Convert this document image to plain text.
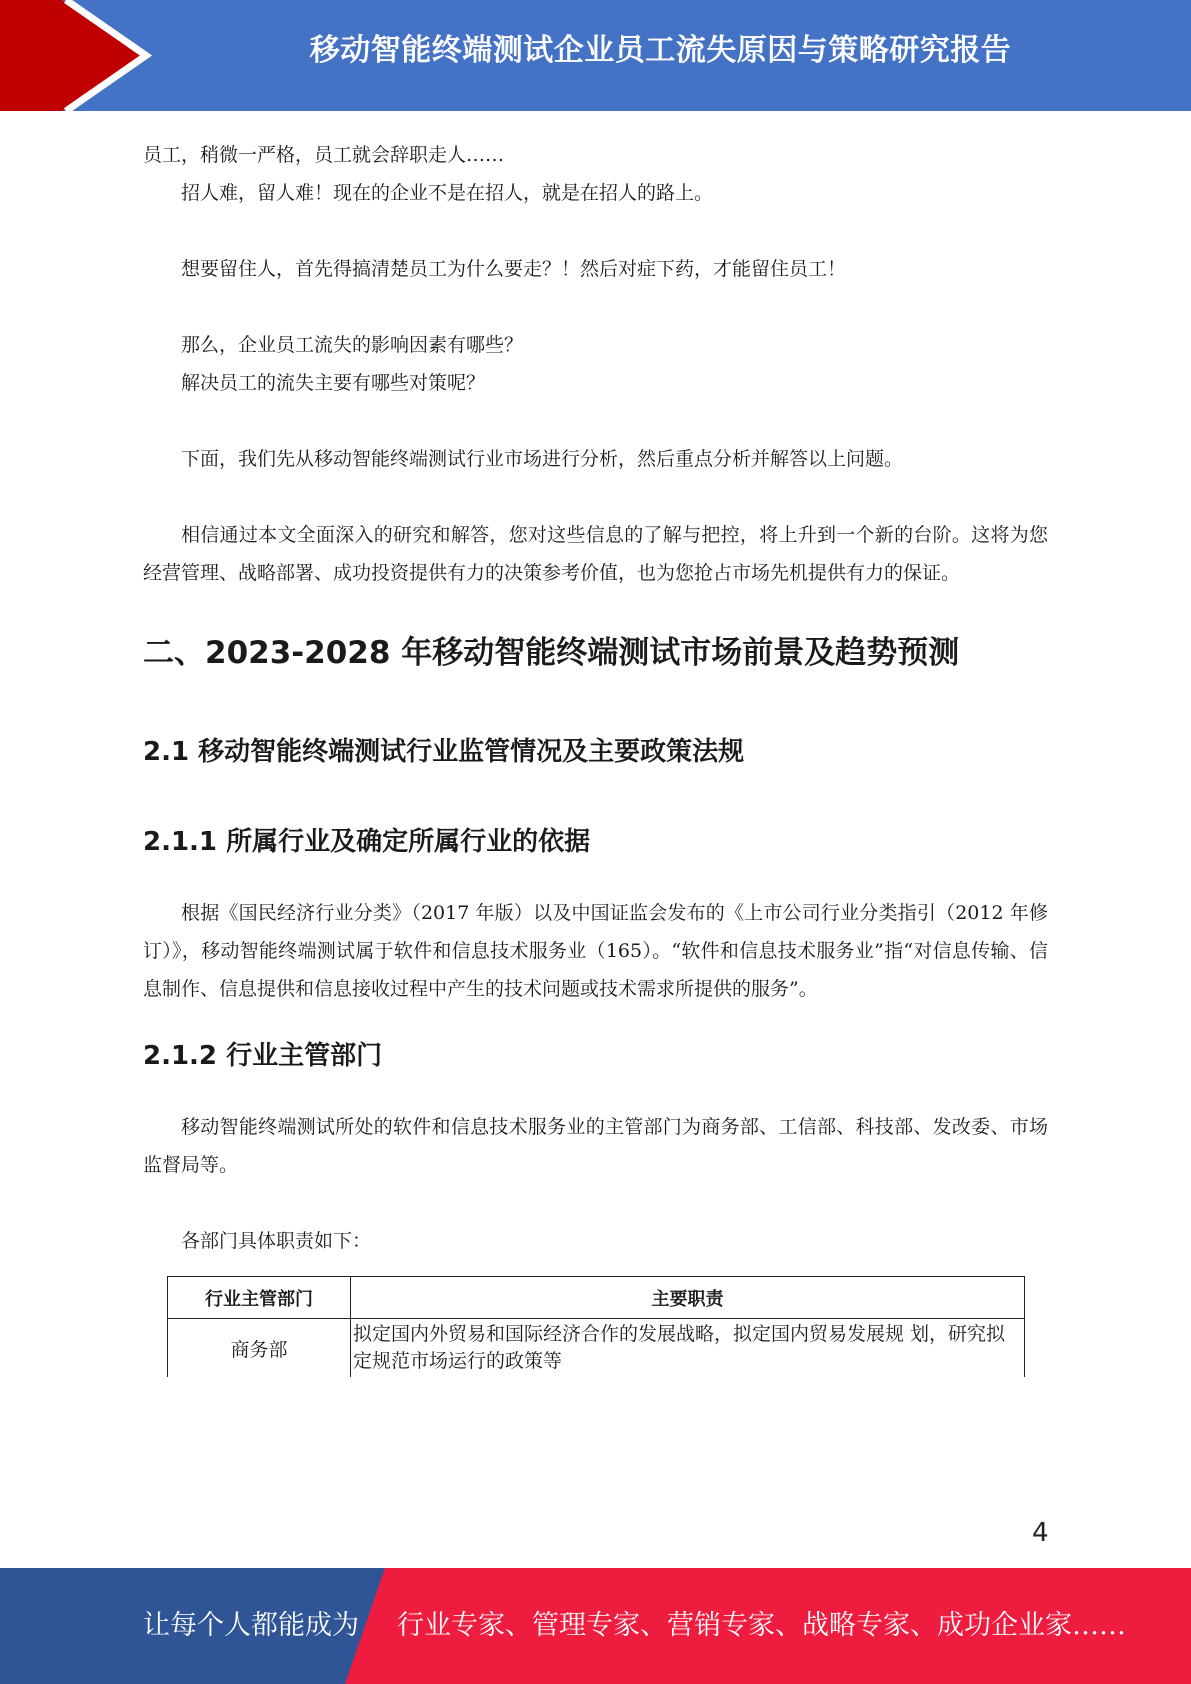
移动智能终端测试企业员工流失原因与策略研究报告

员工，稍微一严格，员工就会辞职走人……

招人难，留人难！现在的企业不是在招人，就是在招人的路上。

想要留住人，首先得搞清楚员工为什么要走？！然后对症下药，才能留住员工！

那么，企业员工流失的影响因素有哪些？

解决员工的流失主要有哪些对策呢？

下面，我们先从移动智能终端测试行业市场进行分析，然后重点分析并解答以上问题。

相信通过本文全面深入的研究和解答，您对这些信息的了解与把控，将上升到一个新的台阶。这将为您经营管理、战略部署、成功投资提供有力的决策参考价值，也为您抢占市场先机提供有力的保证。

二、2023-2028 年移动智能终端测试市场前景及趋势预测
2.1 移动智能终端测试行业监管情况及主要政策法规
2.1.1 所属行业及确定所属行业的依据

根据《国民经济行业分类》（2017 年版）以及中国证监会发布的《上市公司行业分类指引（2012 年修订）》，移动智能终端测试属于软件和信息技术服务业（165）。“软件和信息技术服务业”指“对信息传输、信息制作、信息提供和信息接收过程中产生的技术问题或技术需求所提供的服务”。

2.1.2 行业主管部门

移动智能终端测试所处的软件和信息技术服务业的主管部门为商务部、工信部、科技部、发改委、市场监督局等。

各部门具体职责如下：

行业主管部门	主要职责
商务部	拟定国内外贸易和国际经济合作的发展战略，拟定国内贸易发展规 划，研究拟定规范市场运行的政策等
4
让每个人都能成为 行业专家、管理专家、营销专家、战略专家、成功企业家……
